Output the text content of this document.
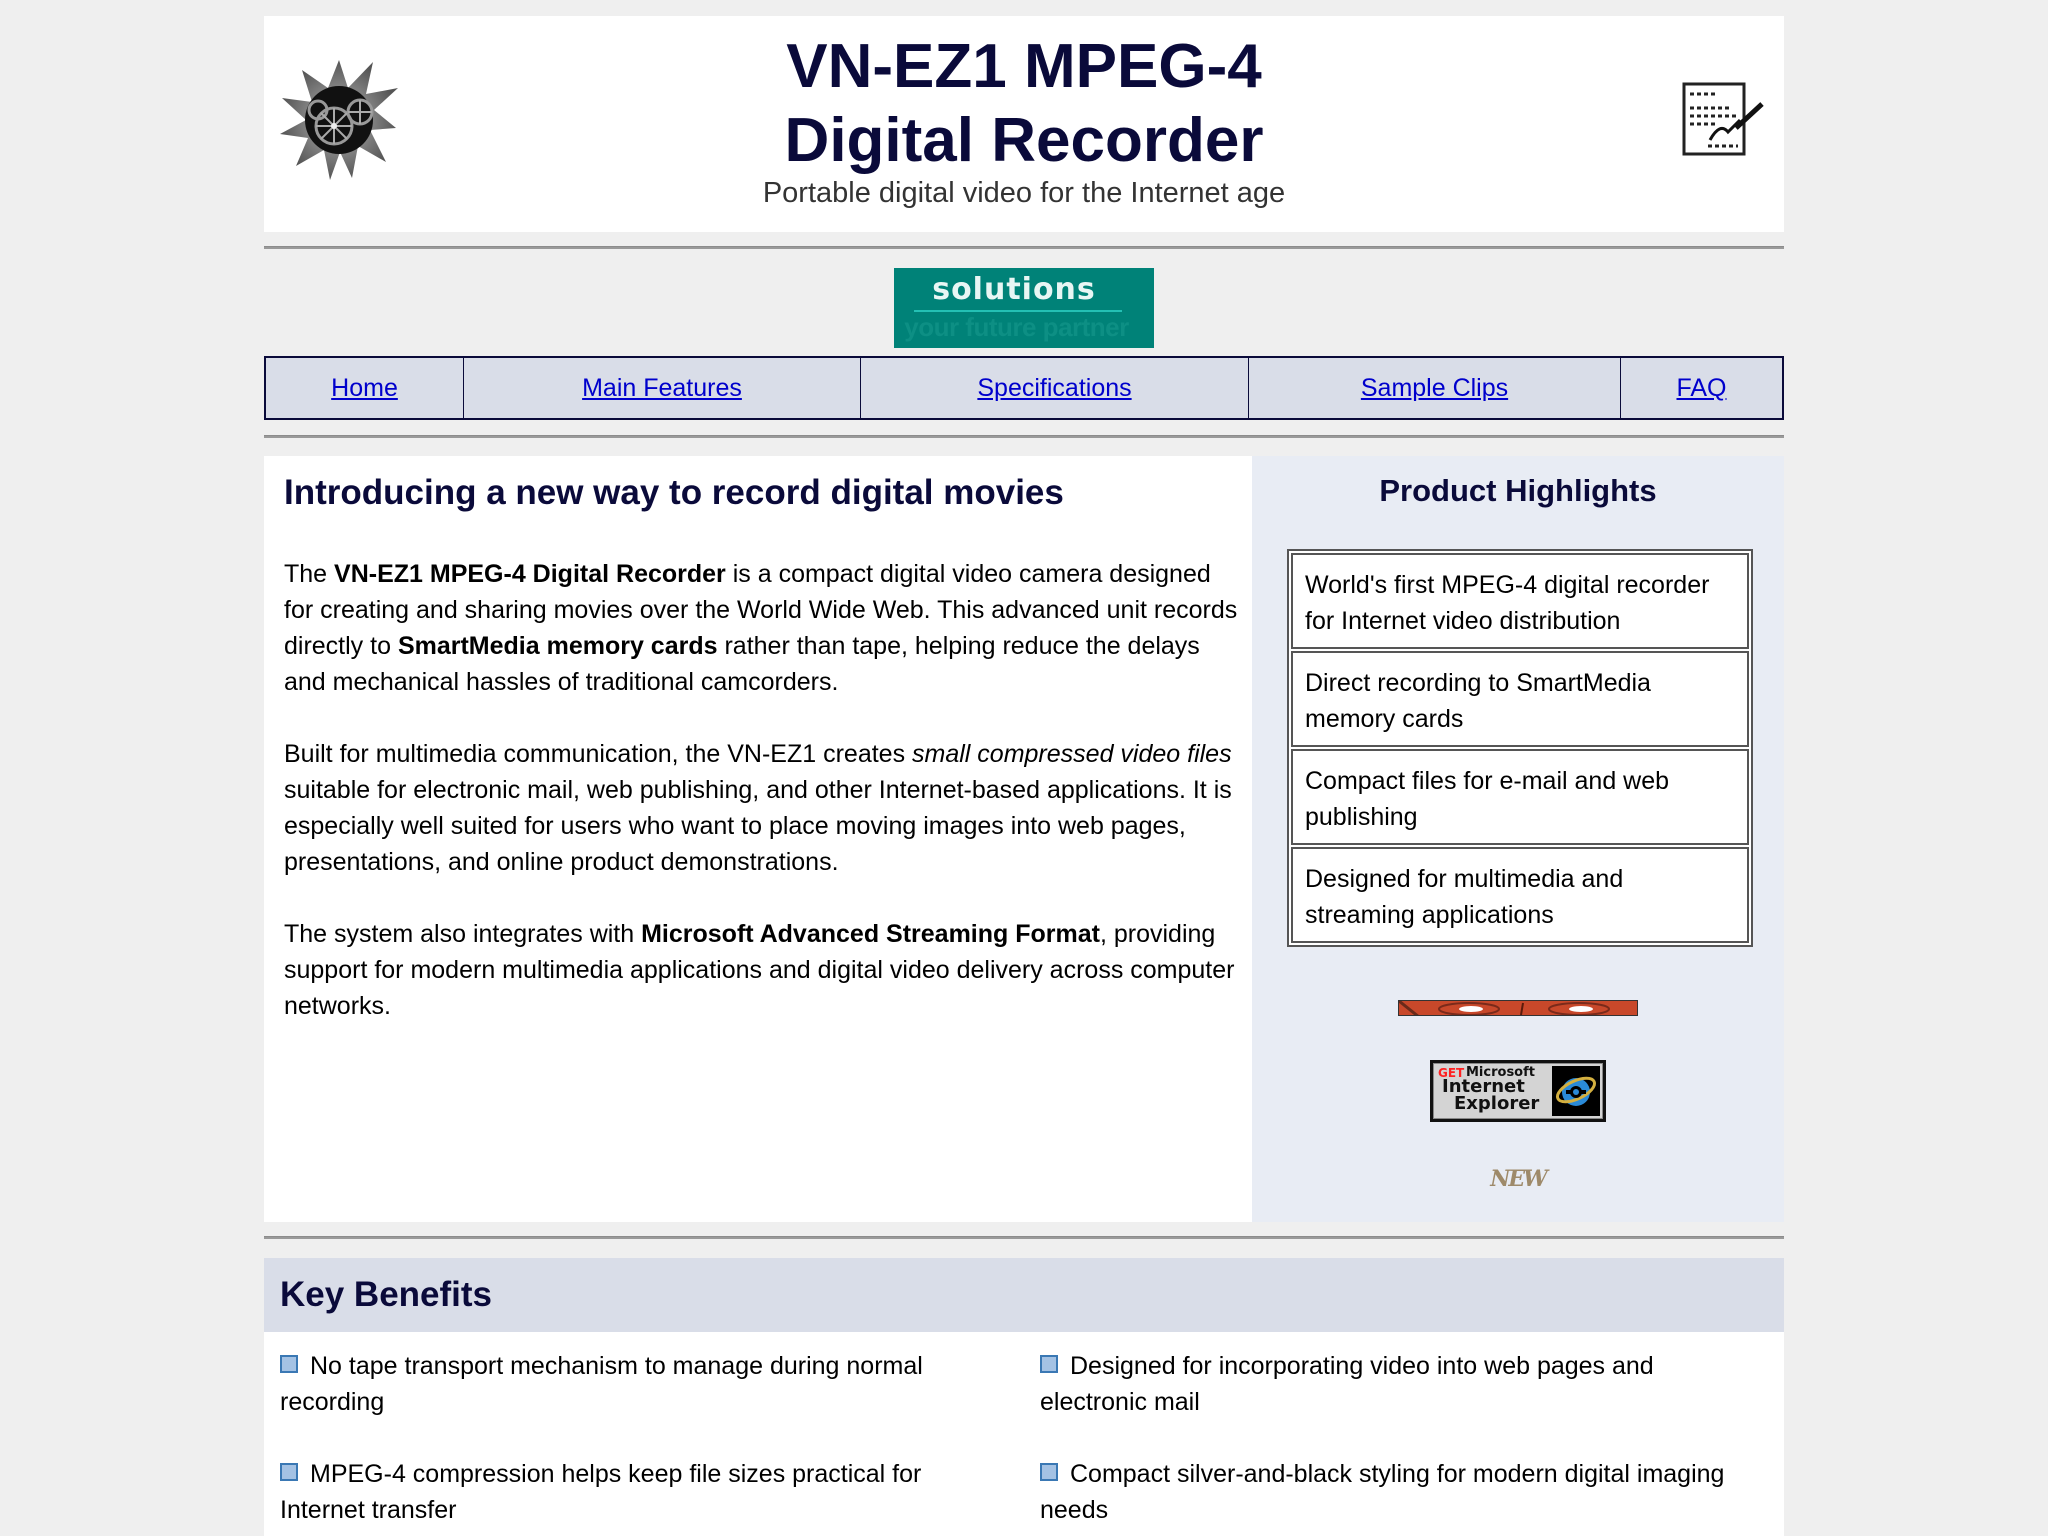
VN-EZ1 MPEG-4
Digital Recorder
Portable digital video for the Internet age
solutions
your future partner
Home	Main Features	Specifications	Sample Clips	FAQ
Introducing a new way to record digital movies

The VN-EZ1 MPEG-4 Digital Recorder is a compact digital video camera designed for creating and sharing movies over the World Wide Web. This advanced unit records directly to SmartMedia memory cards rather than tape, helping reduce the delays and mechanical hassles of traditional camcorders.

Built for multimedia communication, the VN-EZ1 creates small compressed video files suitable for electronic mail, web publishing, and other Internet-based applications. It is especially well suited for users who want to place moving images into web pages, presentations, and online product demonstrations.

The system also integrates with Microsoft Advanced Streaming Format, providing support for modern multimedia applications and digital video delivery across computer networks.

Product Highlights
World's first MPEG-4 digital recorder for Internet video distribution
Direct recording to SmartMedia memory cards
Compact files for e-mail and web publishing
Designed for multimedia and streaming applications
GET Microsoft
Internet
Explorer
NEW
Key Benefits
No tape transport mechanism to manage during normal recording
Designed for incorporating video into web pages and electronic mail
MPEG-4 compression helps keep file sizes practical for Internet transfer
Compact silver-and-black styling for modern digital imaging needs
